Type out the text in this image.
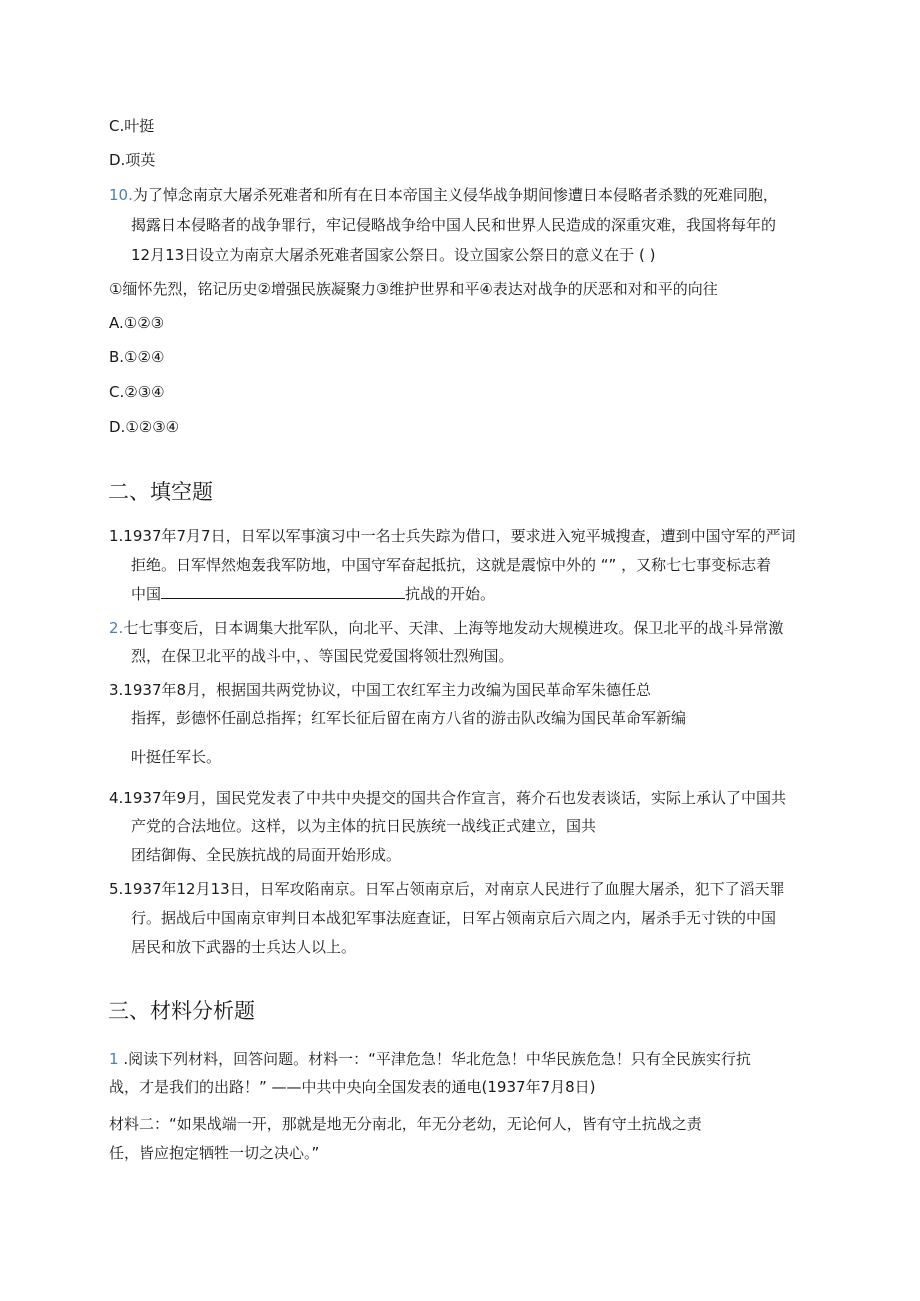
C.叶挺
D.项英
10.为了悼念南京大屠杀死难者和所有在日本帝国主义侵华战争期间惨遭日本侵略者杀戮的死难同胞，
揭露日本侵略者的战争罪行，牢记侵略战争给中国人民和世界人民造成的深重灾难，我国将每年的
12月13日设立为南京大屠杀死难者国家公祭日。设立国家公祭日的意义在于 ( )
①缅怀先烈，铭记历史②增强民族凝聚力③维护世界和平④表达对战争的厌恶和对和平的向往
A.①②③
B.①②④
C.②③④
D.①②③④
二、填空题
1.1937年7月7日，日军以军事演习中一名士兵失踪为借口，要求进入宛平城搜查，遭到中国守军的严词
拒绝。日军悍然炮轰我军防地，中国守军奋起抵抗，这就是震惊中外的 “” ，又称七七事变标志着
中国	抗战的开始。
2.七七事变后，日本调集大批军队，向北平、天津、上海等地发动大规模进攻。保卫北平的战斗异常激
烈，在保卫北平的战斗中，、等国民党爱国将领壮烈殉国。
3.1937年8月，根据国共两党协议，中国工农红军主力改编为国民革命军朱德任总
指挥，彭德怀任副总指挥；红军长征后留在南方八省的游击队改编为国民革命军新编
叶挺任军长。
4.1937年9月，国民党发表了中共中央提交的国共合作宣言，蒋介石也发表谈话，实际上承认了中国共
产党的合法地位。这样，以为主体的抗日民族统一战线正式建立，国共
团结御侮、全民族抗战的局面开始形成。
5.1937年12月13日，日军攻陷南京。日军占领南京后，对南京人民进行了血腥大屠杀，犯下了滔天罪
行。据战后中国南京审判日本战犯军事法庭查证，日军占领南京后六周之内，屠杀手无寸铁的中国
居民和放下武器的士兵达人以上。
三、材料分析题
1 .阅读下列材料，回答问题。材料一：“平津危急！华北危急！中华民族危急！只有全民族实行抗
战，才是我们的出路！” ——中共中央向全国发表的通电(1937年7月8日)
材料二：“如果战端一开，那就是地无分南北，年无分老幼，无论何人，皆有守土抗战之责
任，皆应抱定牺牲一切之决心。”
